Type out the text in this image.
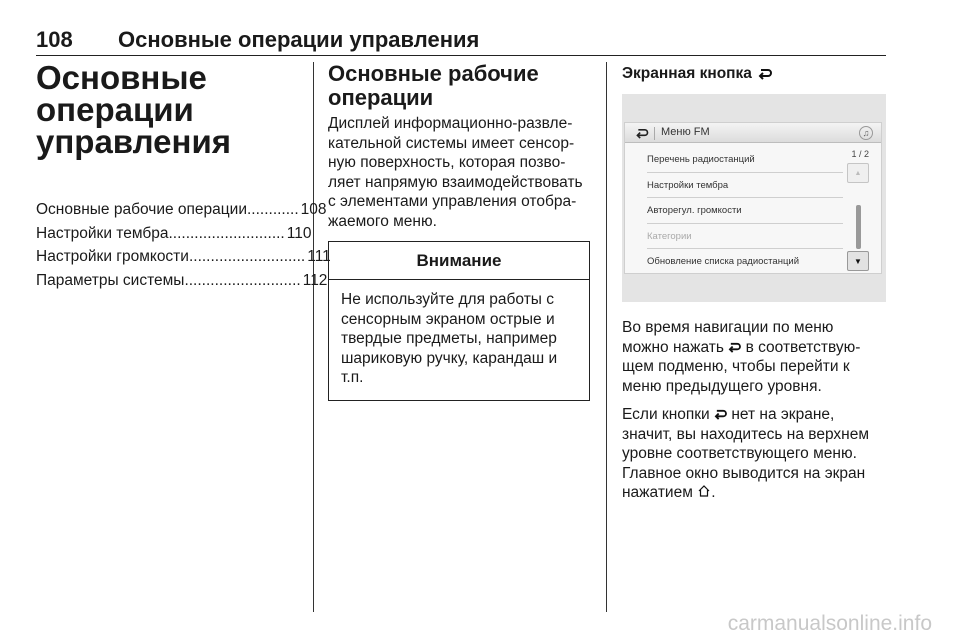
108 Основные операции управления
Основные
операции
управления
Основные рабочие операции ............ 108
Настройки тембра ........................... 110
Настройки громкости ........................... 111
Параметры системы ........................... 112
Основные рабочие
операции
Дисплей информационно-развле-
кательной системы имеет сенсор-
ную поверхность, которая позво-
ляет напрямую взаимодействовать
с элементами управления отобра-
жаемого меню.
Внимание
Не используйте для работы с
сенсорным экраном острые и
твердые предметы, например
шариковую ручку, карандаш и
т.п.
Экранная кнопка
Меню FM	♫
Перечень радиостанций
Настройки тембра
Авторегул. громкости
Категории
Обновление списка радиостанций
1 / 2
▲
▼

Во время навигации по меню
можно нажать  в соответствую-
щем подменю, чтобы перейти к
меню предыдущего уровня.

Если кнопки  нет на экране,
значит, вы находитесь на верхнем
уровне соответствующего меню.
Главное окно выводится на экран
нажатием .

carmanualsonline.info
